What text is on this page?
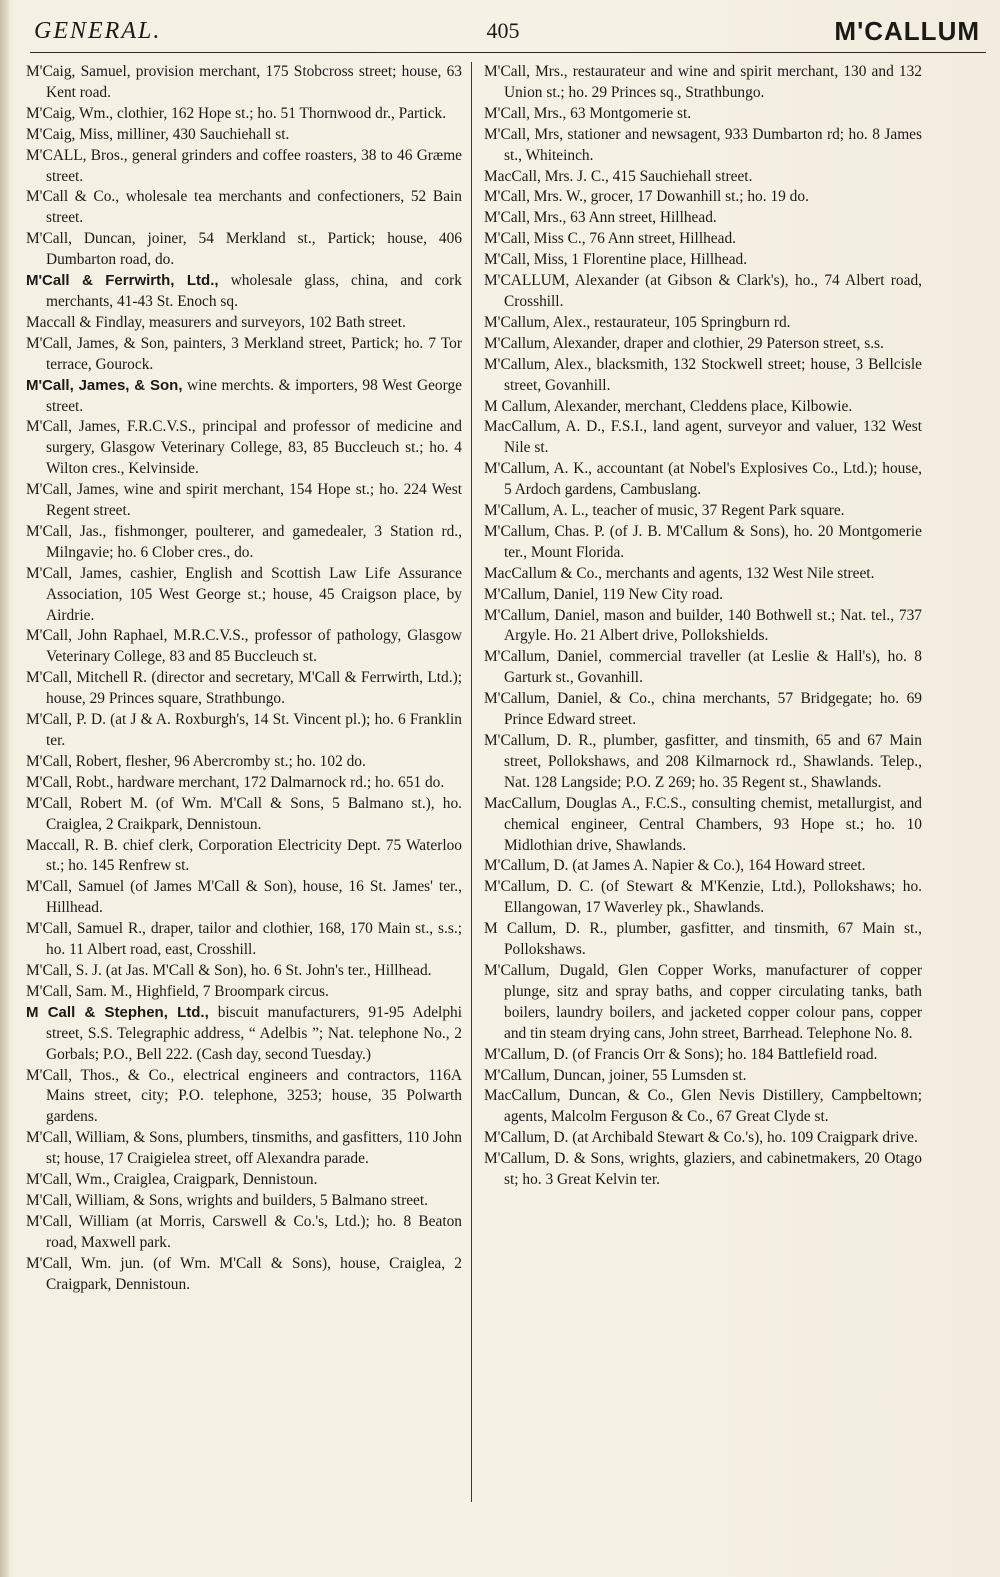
GENERAL.	405	M'CALLUM

M'Caig, Samuel, provision merchant, 175 Stobcross street; house, 63 Kent road.

M'Caig, Wm., clothier, 162 Hope st.; ho. 51 Thornwood dr., Partick.

M'Caig, Miss, milliner, 430 Sauchiehall st.

M'CALL, Bros., general grinders and coffee roasters, 38 to 46 Græme street.

M'Call & Co., wholesale tea merchants and confectioners, 52 Bain street.

M'Call, Duncan, joiner, 54 Merkland st., Partick; house, 406 Dumbarton road, do.

M'Call & Ferrwirth, Ltd., wholesale glass, china, and cork merchants, 41-43 St. Enoch sq.

Maccall & Findlay, measurers and surveyors, 102 Bath street.

M'Call, James, & Son, painters, 3 Merkland street, Partick; ho. 7 Tor terrace, Gourock.

M'Call, James, & Son, wine merchts. & importers, 98 West George street.

M'Call, James, F.R.C.V.S., principal and professor of medicine and surgery, Glasgow Veterinary College, 83, 85 Buccleuch st.; ho. 4 Wilton cres., Kelvinside.

M'Call, James, wine and spirit merchant, 154 Hope st.; ho. 224 West Regent street.

M'Call, Jas., fishmonger, poulterer, and gamedealer, 3 Station rd., Milngavie; ho. 6 Clober cres., do.

M'Call, James, cashier, English and Scottish Law Life Assurance Association, 105 West George st.; house, 45 Craigson place, by Airdrie.

M'Call, John Raphael, M.R.C.V.S., professor of pathology, Glasgow Veterinary College, 83 and 85 Buccleuch st.

M'Call, Mitchell R. (director and secretary, M'Call & Ferrwirth, Ltd.); house, 29 Princes square, Strathbungo.

M'Call, P. D. (at J & A. Roxburgh's, 14 St. Vincent pl.); ho. 6 Franklin ter.

M'Call, Robert, flesher, 96 Abercromby st.; ho. 102 do.

M'Call, Robt., hardware merchant, 172 Dalmarnock rd.; ho. 651 do.

M'Call, Robert M. (of Wm. M'Call & Sons, 5 Balmano st.), ho. Craiglea, 2 Craikpark, Dennistoun.

Maccall, R. B. chief clerk, Corporation Electricity Dept. 75 Waterloo st.; ho. 145 Renfrew st.

M'Call, Samuel (of James M'Call & Son), house, 16 St. James' ter., Hillhead.

M'Call, Samuel R., draper, tailor and clothier, 168, 170 Main st., s.s.; ho. 11 Albert road, east, Crosshill.

M'Call, S. J. (at Jas. M'Call & Son), ho. 6 St. John's ter., Hillhead.

M'Call, Sam. M., Highfield, 7 Broompark circus.

M Call & Stephen, Ltd., biscuit manufacturers, 91-95 Adelphi street, S.S. Telegraphic address, “ Adelbis ”; Nat. telephone No., 2 Gorbals; P.O., Bell 222. (Cash day, second Tuesday.)

M'Call, Thos., & Co., electrical engineers and contractors, 116A Mains street, city; P.O. telephone, 3253; house, 35 Polwarth gardens.

M'Call, William, & Sons, plumbers, tinsmiths, and gasfitters, 110 John st; house, 17 Craigielea street, off Alexandra parade.

M'Call, Wm., Craiglea, Craigpark, Dennistoun.

M'Call, William, & Sons, wrights and builders, 5 Balmano street.

M'Call, William (at Morris, Carswell & Co.'s, Ltd.); ho. 8 Beaton road, Maxwell park.

M'Call, Wm. jun. (of Wm. M'Call & Sons), house, Craiglea, 2 Craigpark, Dennistoun.

M'Call, Mrs., restaurateur and wine and spirit merchant, 130 and 132 Union st.; ho. 29 Princes sq., Strathbungo.

M'Call, Mrs., 63 Montgomerie st.

M'Call, Mrs, stationer and newsagent, 933 Dumbarton rd; ho. 8 James st., Whiteinch.

MacCall, Mrs. J. C., 415 Sauchiehall street.

M'Call, Mrs. W., grocer, 17 Dowanhill st.; ho. 19 do.

M'Call, Mrs., 63 Ann street, Hillhead.

M'Call, Miss C., 76 Ann street, Hillhead.

M'Call, Miss, 1 Florentine place, Hillhead.

M'CALLUM, Alexander (at Gibson & Clark's), ho., 74 Albert road, Crosshill.

M'Callum, Alex., restaurateur, 105 Springburn rd.

M'Callum, Alexander, draper and clothier, 29 Paterson street, s.s.

M'Callum, Alex., blacksmith, 132 Stockwell street; house, 3 Bellcisle street, Govanhill.

M Callum, Alexander, merchant, Cleddens place, Kilbowie.

MacCallum, A. D., F.S.I., land agent, surveyor and valuer, 132 West Nile st.

M'Callum, A. K., accountant (at Nobel's Explosives Co., Ltd.); house, 5 Ardoch gardens, Cambuslang.

M'Callum, A. L., teacher of music, 37 Regent Park square.

M'Callum, Chas. P. (of J. B. M'Callum & Sons), ho. 20 Montgomerie ter., Mount Florida.

MacCallum & Co., merchants and agents, 132 West Nile street.

M'Callum, Daniel, 119 New City road.

M'Callum, Daniel, mason and builder, 140 Bothwell st.; Nat. tel., 737 Argyle. Ho. 21 Albert drive, Pollokshields.

M'Callum, Daniel, commercial traveller (at Leslie & Hall's), ho. 8 Garturk st., Govanhill.

M'Callum, Daniel, & Co., china merchants, 57 Bridgegate; ho. 69 Prince Edward street.

M'Callum, D. R., plumber, gasfitter, and tinsmith, 65 and 67 Main street, Pollokshaws, and 208 Kilmarnock rd., Shawlands. Telep., Nat. 128 Langside; P.O. Z 269; ho. 35 Regent st., Shawlands.

MacCallum, Douglas A., F.C.S., consulting chemist, metallurgist, and chemical engineer, Central Chambers, 93 Hope st.; ho. 10 Midlothian drive, Shawlands.

M'Callum, D. (at James A. Napier & Co.), 164 Howard street.

M'Callum, D. C. (of Stewart & M'Kenzie, Ltd.), Pollokshaws; ho. Ellangowan, 17 Waverley pk., Shawlands.

M Callum, D. R., plumber, gasfitter, and tinsmith, 67 Main st., Pollokshaws.

M'Callum, Dugald, Glen Copper Works, manufacturer of copper plunge, sitz and spray baths, and copper circulating tanks, bath boilers, laundry boilers, and jacketed copper colour pans, copper and tin steam drying cans, John street, Barrhead. Telephone No. 8.

M'Callum, D. (of Francis Orr & Sons); ho. 184 Battlefield road.

M'Callum, Duncan, joiner, 55 Lumsden st.

MacCallum, Duncan, & Co., Glen Nevis Distillery, Campbeltown; agents, Malcolm Ferguson & Co., 67 Great Clyde st.

M'Callum, D. (at Archibald Stewart & Co.'s), ho. 109 Craigpark drive.

M'Callum, D. & Sons, wrights, glaziers, and cabinetmakers, 20 Otago st; ho. 3 Great Kelvin ter.
